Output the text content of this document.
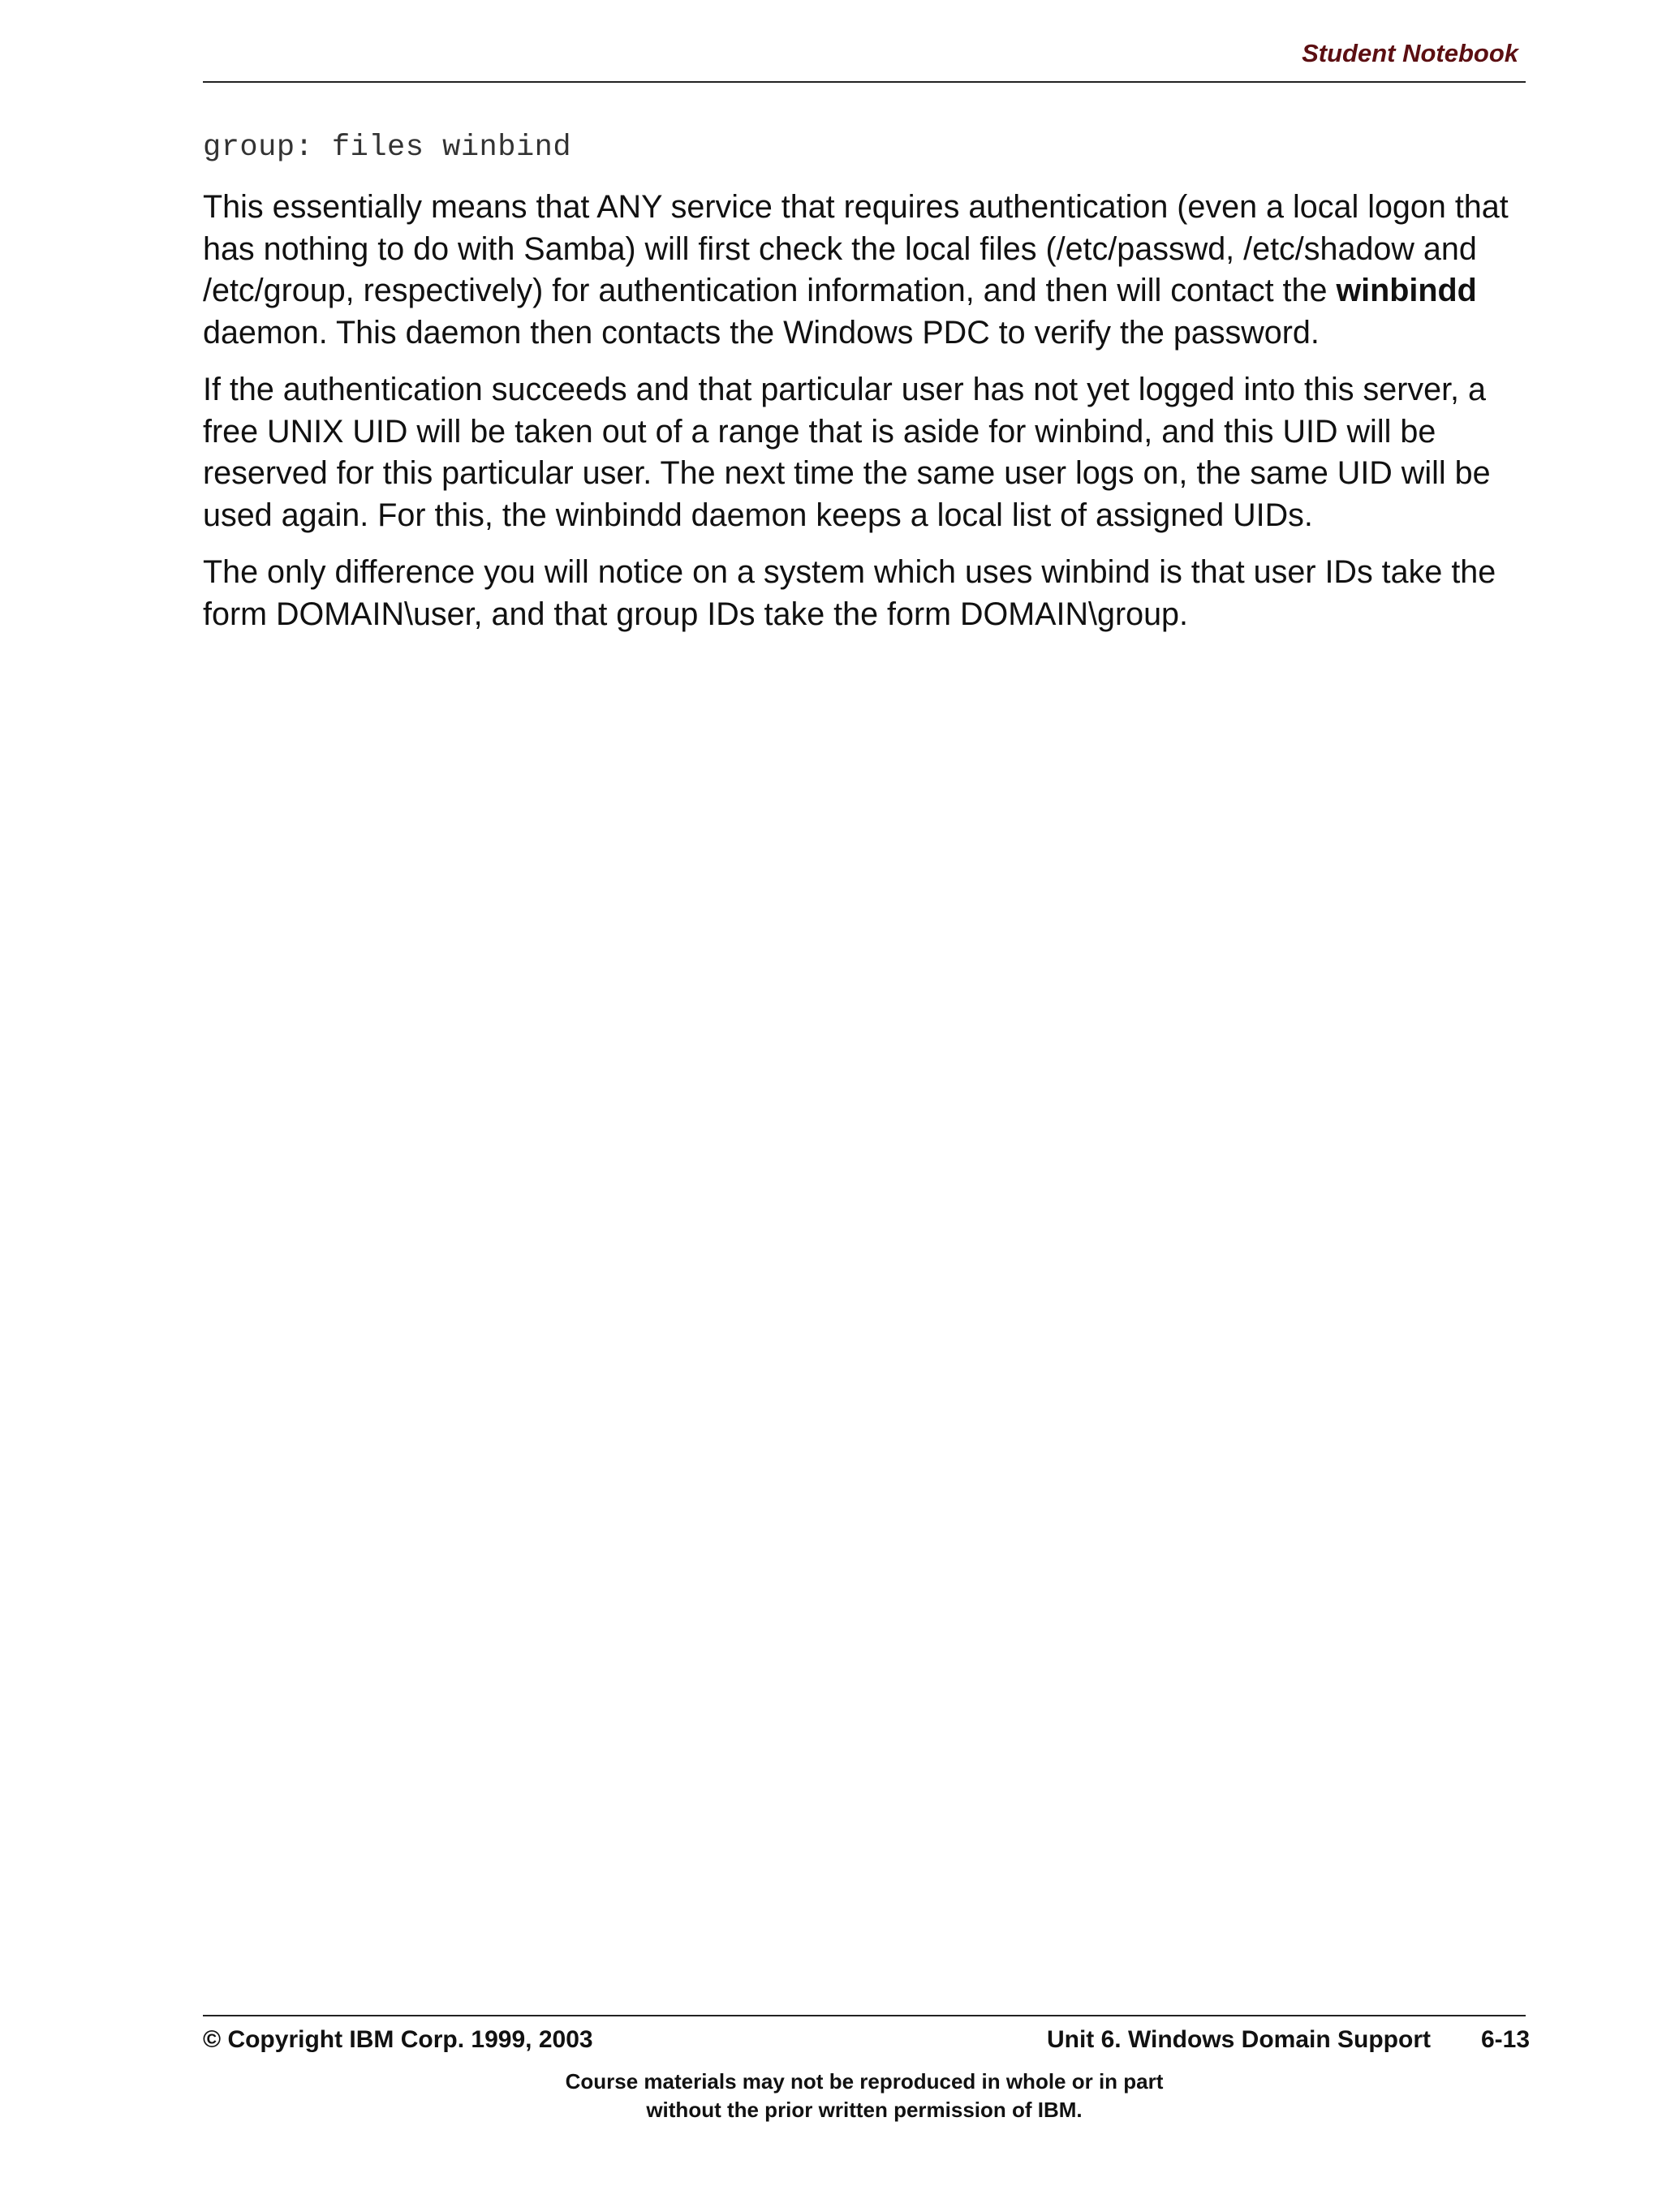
Student Notebook
group: files winbind

This essentially means that ANY service that requires authentication (even a local logon that has nothing to do with Samba) will first check the local files (/etc/passwd, /etc/shadow and /etc/group, respectively) for authentication information, and then will contact the winbindd daemon. This daemon then contacts the Windows PDC to verify the password.

If the authentication succeeds and that particular user has not yet logged into this server, a free UNIX UID will be taken out of a range that is aside for winbind, and this UID will be reserved for this particular user. The next time the same user logs on, the same UID will be used again. For this, the winbindd daemon keeps a local list of assigned UIDs.

The only difference you will notice on a system which uses winbind is that user IDs take the form DOMAIN\user, and that group IDs take the form DOMAIN\group.

© Copyright IBM Corp. 1999, 2003	Unit 6. Windows Domain Support 6-13
Course materials may not be reproduced in whole or in part
without the prior written permission of IBM.
